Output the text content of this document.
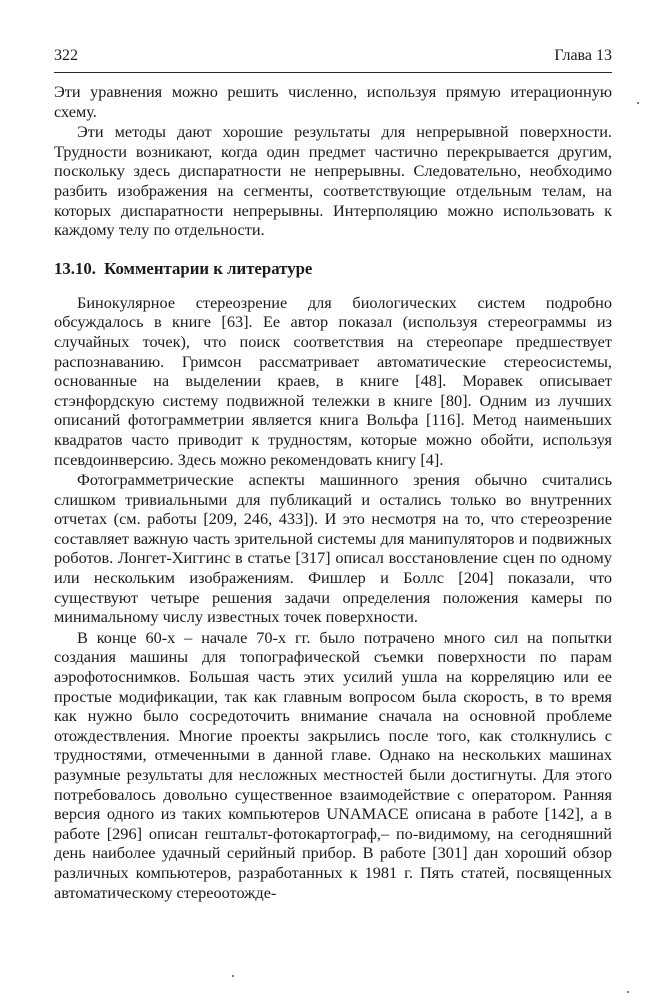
322	Глава 13

Эти уравнения можно решить численно, используя прямую итерационную схему.

Эти методы дают хорошие результаты для непрерывной поверхности. Трудности возникают, когда один предмет частично перекрывается другим, поскольку здесь диспаратности не непрерывны. Следовательно, необходимо разбить изображения на сегменты, соответствующие отдельным телам, на которых диспаратности непрерывны. Интерполяцию можно использовать к каждому телу по отдельности.

13.10. Комментарии к литературе

Бинокулярное стереозрение для биологических систем подробно обсуждалось в книге [63]. Ее автор показал (используя стереограммы из случайных точек), что поиск соответствия на стереопаре предшествует распознаванию. Гримсон рассматривает автоматические стереосистемы, основанные на выделении краев, в книге [48]. Моравек описывает стэнфордскую систему подвижной тележки в книге [80]. Одним из лучших описаний фотограмметрии является книга Вольфа [116]. Метод наименьших квадратов часто приводит к трудностям, которые можно обойти, используя псевдоинверсию. Здесь можно рекомендовать книгу [4].

Фотограмметрические аспекты машинного зрения обычно считались слишком тривиальными для публикаций и остались только во внутренних отчетах (см. работы [209, 246, 433]). И это несмотря на то, что стереозрение составляет важную часть зрительной системы для манипуляторов и подвижных роботов. Лонгет-Хиггинс в статье [317] описал восстановление сцен по одному или нескольким изображениям. Фишлер и Боллс [204] показали, что существуют четыре решения задачи определения положения камеры по минимальному числу известных точек поверхности.

В конце 60-х – начале 70-х гг. было потрачено много сил на попытки создания машины для топографической съемки поверхности по парам аэрофотоснимков. Большая часть этих усилий ушла на корреляцию или ее простые модификации, так как главным вопросом была скорость, в то время как нужно было сосредоточить внимание сначала на основной проблеме отождествления. Многие проекты закрылись после того, как столкнулись с трудностями, отмеченными в данной главе. Однако на нескольких машинах разумные результаты для несложных местностей были достигнуты. Для этого потребовалось довольно существенное взаимодействие с оператором. Ранняя версия одного из таких компьютеров UNAMACE описана в работе [142], а в работе [296] описан гештальт-фотокартограф,– по-видимому, на сегодняшний день наиболее удачный серийный прибор. В работе [301] дан хороший обзор различных компьютеров, разработанных к 1981 г. Пять статей, посвященных автоматическому стереоотожде-
